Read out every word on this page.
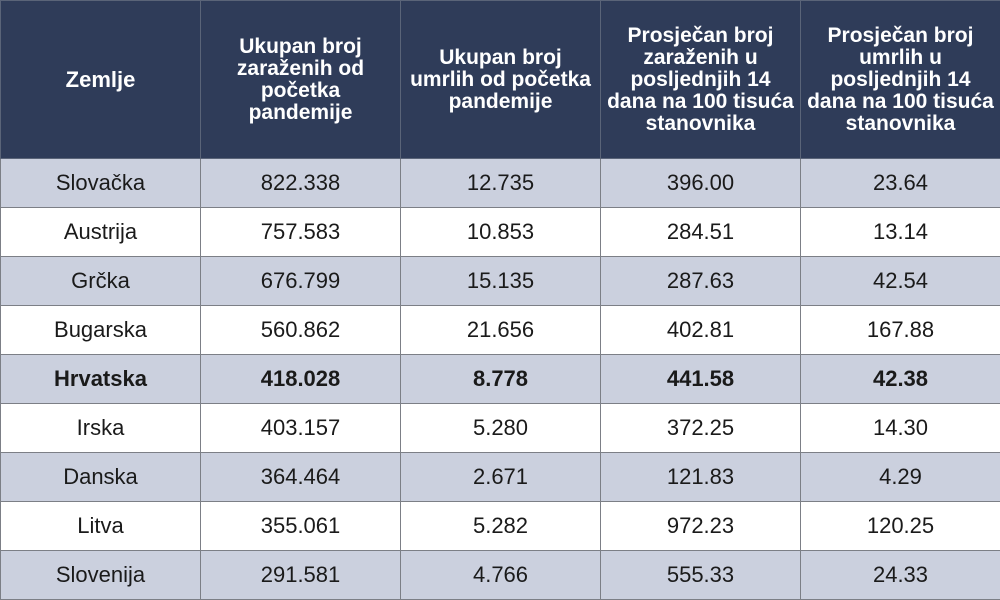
Zemlje	Ukupan broj zaraženih od početka pandemije	Ukupan broj umrlih od početka pandemije	Prosječan broj zaraženih u posljednjih 14 dana na 100 tisuća stanovnika	Prosječan broj umrlih u posljednjih 14 dana na 100 tisuća stanovnika
Slovačka	822.338	12.735	396.00	23.64
Austrija	757.583	10.853	284.51	13.14
Grčka	676.799	15.135	287.63	42.54
Bugarska	560.862	21.656	402.81	167.88
Hrvatska	418.028	8.778	441.58	42.38
Irska	403.157	5.280	372.25	14.30
Danska	364.464	2.671	121.83	4.29
Litva	355.061	5.282	972.23	120.25
Slovenija	291.581	4.766	555.33	24.33
